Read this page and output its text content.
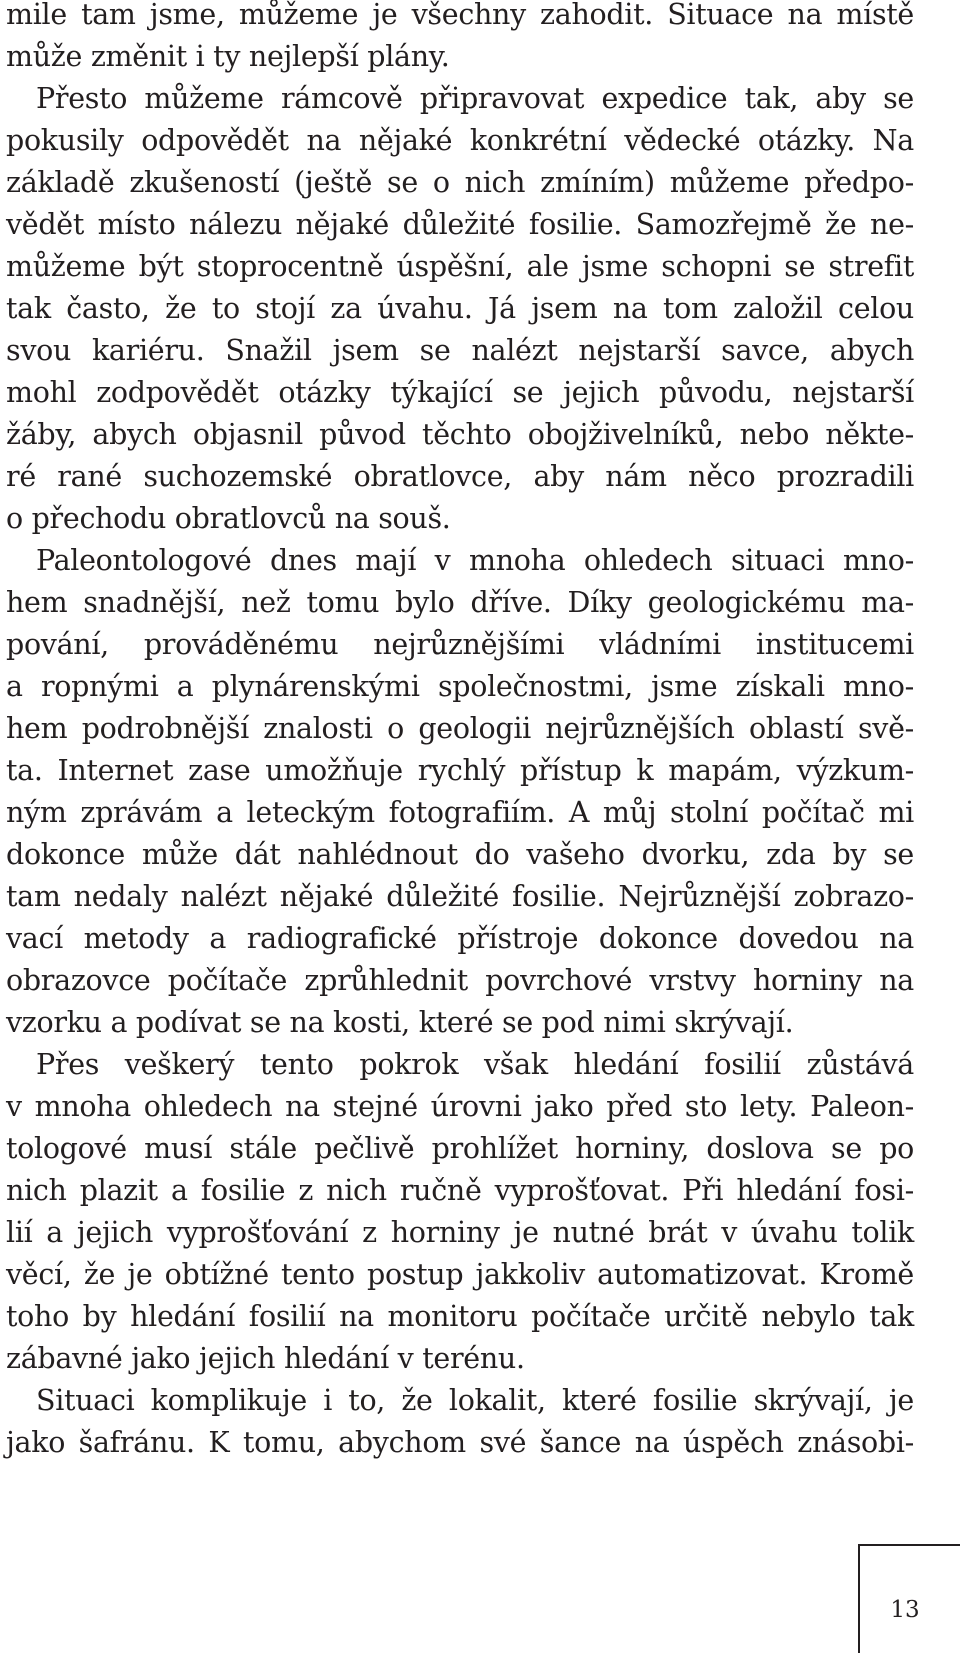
mile tam jsme, můžeme je všechny zahodit. Situace na místě

může změnit i ty nejlepší plány.

Přesto můžeme rámcově připravovat expedice tak, aby se

pokusily odpovědět na nějaké konkrétní vědecké otázky. Na

základě zkušeností (ještě se o nich zmíním) můžeme předpo-

vědět místo nálezu nějaké důležité fosilie. Samozřejmě že ne-

můžeme být stoprocentně úspěšní, ale jsme schopni se strefit

tak často, že to stojí za úvahu. Já jsem na tom založil celou

svou kariéru. Snažil jsem se nalézt nejstarší savce, abych

mohl zodpovědět otázky týkající se jejich původu, nejstarší

žáby, abych objasnil původ těchto obojživelníků, nebo někte-

ré rané suchozemské obratlovce, aby nám něco prozradili

o přechodu obratlovců na souš.

Paleontologové dnes mají v mnoha ohledech situaci mno-

hem snadnější, než tomu bylo dříve. Díky geologickému ma-

pování, prováděnému nejrůznějšími vládními institucemi

a ropnými a plynárenskými společnostmi, jsme získali mno-

hem podrobnější znalosti o geologii nejrůznějších oblastí svě-

ta. Internet zase umožňuje rychlý přístup k mapám, výzkum-

ným zprávám a leteckým fotografiím. A můj stolní počítač mi

dokonce může dát nahlédnout do vašeho dvorku, zda by se

tam nedaly nalézt nějaké důležité fosilie. Nejrůznější zobrazo-

vací metody a radiografické přístroje dokonce dovedou na

obrazovce počítače zprůhlednit povrchové vrstvy horniny na

vzorku a podívat se na kosti, které se pod nimi skrývají.

Přes veškerý tento pokrok však hledání fosilií zůstává

v mnoha ohledech na stejné úrovni jako před sto lety. Paleon-

tologové musí stále pečlivě prohlížet horniny, doslova se po

nich plazit a fosilie z nich ručně vyprošťovat. Při hledání fosi-

lií a jejich vyprošťování z horniny je nutné brát v úvahu tolik

věcí, že je obtížné tento postup jakkoliv automatizovat. Kromě

toho by hledání fosilií na monitoru počítače určitě nebylo tak

zábavné jako jejich hledání v terénu.

Situaci komplikuje i to, že lokalit, které fosilie skrývají, je

jako šafránu. K tomu, abychom své šance na úspěch znásobi-

13
